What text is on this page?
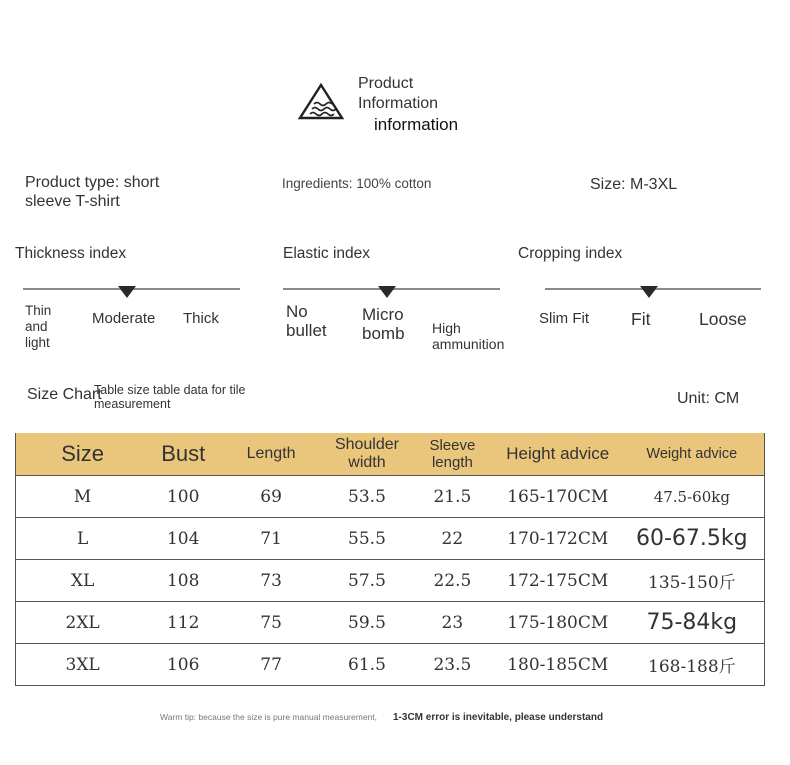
Product
Information
information
Product type: short sleeve T-shirt
Ingredients: 100% cotton	Size: M-3XL
Thickness index
Thin and light
Moderate Thick
Elastic index
No bullet
Micro bomb	High ammunition
Cropping index
Slim Fit Fit	Loose
Size Chart
Table size table data for tile measurement	Unit: CM
Size	Bust	Length	Shoulder width	Sleeve length	Height advice	Weight advice
M	100	69	53.5	21.5	165-170CM	47.5-60kg
L	104	71	55.5	22	170-172CM	60-67.5kg
XL	108	73	57.5	22.5	172-175CM	135-150斤
2XL	112	75	59.5	23	175-180CM	75-84kg
3XL	106	77	61.5	23.5	180-185CM	168-188斤
Warm tip: because the size is pure manual measurement, 1-3CM error is inevitable, please understand
